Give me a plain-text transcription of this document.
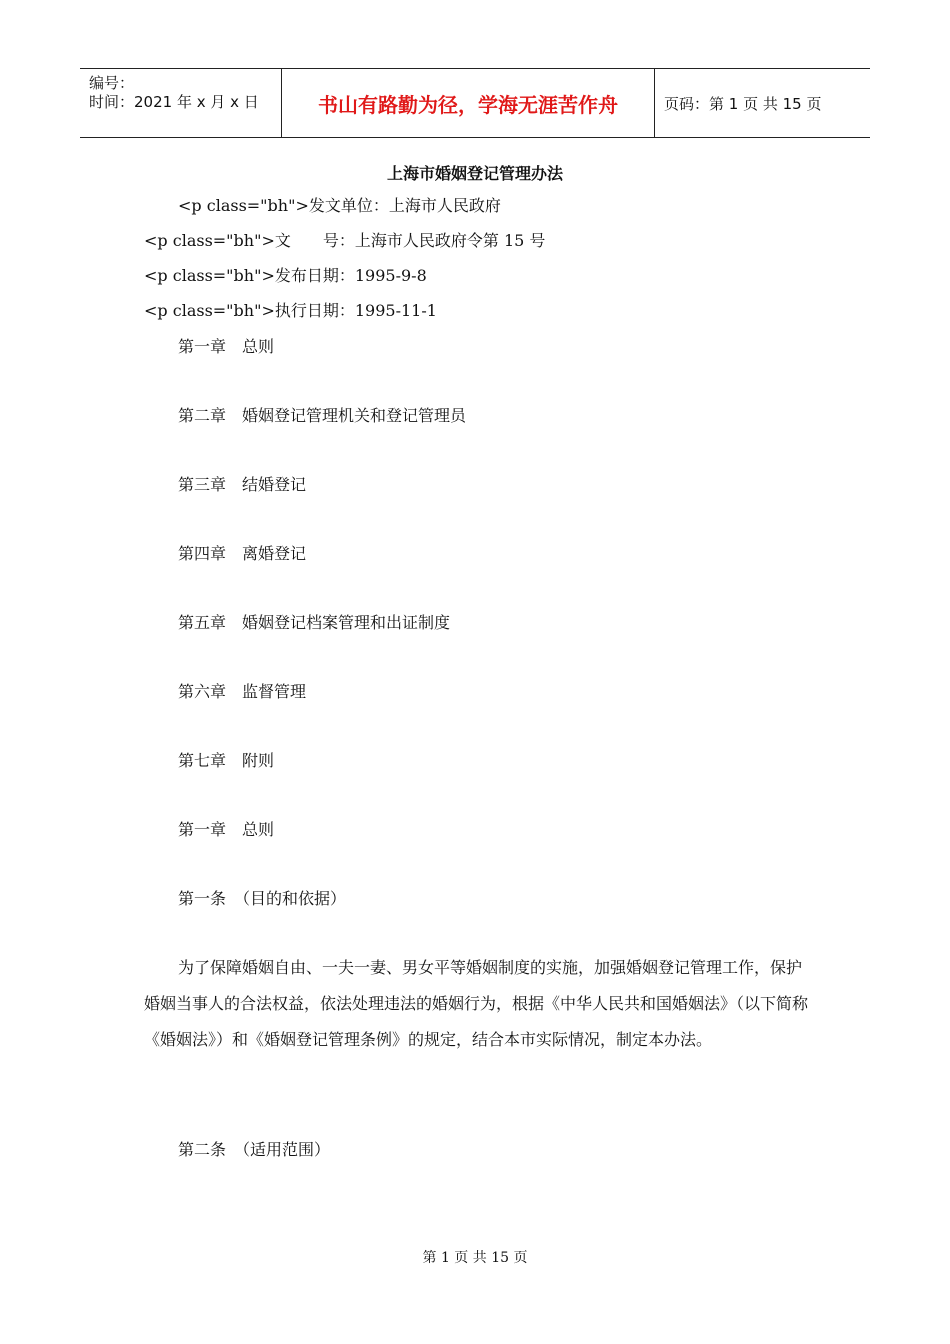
编号：
时间：2021 年 x 月 x 日	书山有路勤为径，学海无涯苦作舟	页码：第 1 页 共 15 页
上海市婚姻登记管理办法
<p class="bh">发文单位：上海市人民政府
<p class="bh">文　　号：上海市人民政府令第 15 号
<p class="bh">发布日期：1995-9-8
<p class="bh">执行日期：1995-11-1
第一章　总则
第二章　婚姻登记管理机关和登记管理员
第三章　结婚登记
第四章　离婚登记
第五章　婚姻登记档案管理和出证制度
第六章　监督管理
第七章　附则
第一章　总则
第一条　（目的和依据）
为了保障婚姻自由、一夫一妻、男女平等婚姻制度的实施，加强婚姻登记管理工作，保护婚姻当事人的合法权益，依法处理违法的婚姻行为，根据《中华人民共和国婚姻法》（以下简称《婚姻法》）和《婚姻登记管理条例》的规定，结合本市实际情况，制定本办法。
第二条　（适用范围）
第 1 页 共 15 页
